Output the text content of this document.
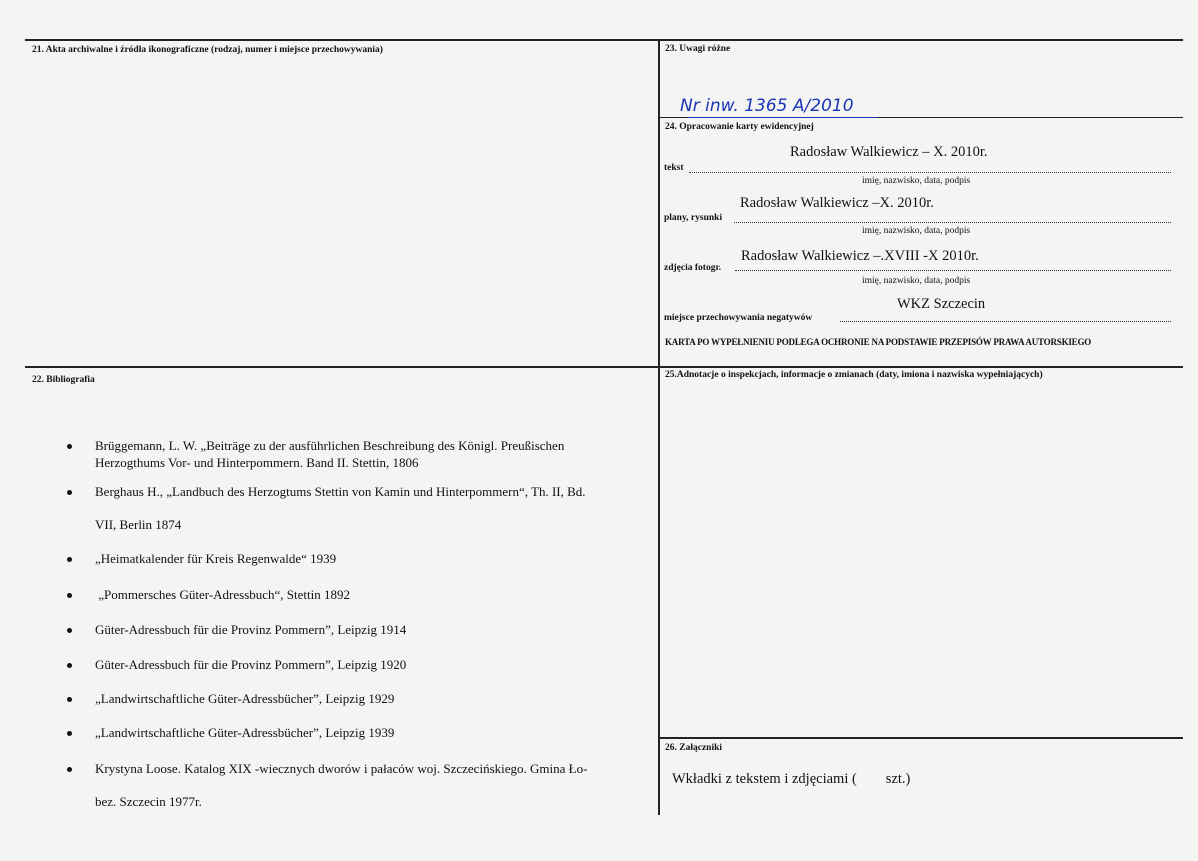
21. Akta archiwalne i źródła ikonograficzne (rodzaj, numer i miejsce przechowywania)
22. Bibliografia
Brüggemann, L. W. „Beiträge zu der ausführlichen Beschreibung des Königl. Preußischen
Herzogthums Vor- und Hinterpommern. Band II. Stettin, 1806
Berghaus H., „Landbuch des Herzogtums Stettin von Kamin und Hinterpommern“, Th. II, Bd.
VII, Berlin 1874
„Heimatkalender für Kreis Regenwalde“ 1939
„Pommersches Güter-Adressbuch“, Stettin 1892
Güter-Adressbuch für die Provinz Pommern”, Leipzig 1914
Güter-Adressbuch für die Provinz Pommern”, Leipzig 1920
„Landwirtschaftliche Güter-Adressbücher”, Leipzig 1929
„Landwirtschaftliche Güter-Adressbücher”, Leipzig 1939
Krystyna Loose. Katalog XIX -wiecznych dworów i pałaców woj. Szczecińskiego. Gmina Ło-
bez. Szczecin 1977r.
23. Uwagi różne
Nr inw. 1365 A/2010
24. Opracowanie karty ewidencyjnej
Radosław Walkiewicz – X. 2010r.
tekst
imię, nazwisko, data, podpis
Radosław Walkiewicz –X. 2010r.
plany, rysunki
imię, nazwisko, data, podpis
Radosław Walkiewicz –.XVIII -X 2010r.
zdjęcia fotogr.
imię, nazwisko, data, podpis
WKZ Szczecin
miejsce przechowywania negatywów
KARTA PO WYPEŁNIENIU PODLEGA OCHRONIE NA PODSTAWIE PRZEPISÓW PRAWA AUTORSKIEGO
25.Adnotacje o inspekcjach, informacje o zmianach (daty, imiona i nazwiska wypełniających)
26. Załączniki
Wkładki z tekstem i zdjęciami (        szt.)
